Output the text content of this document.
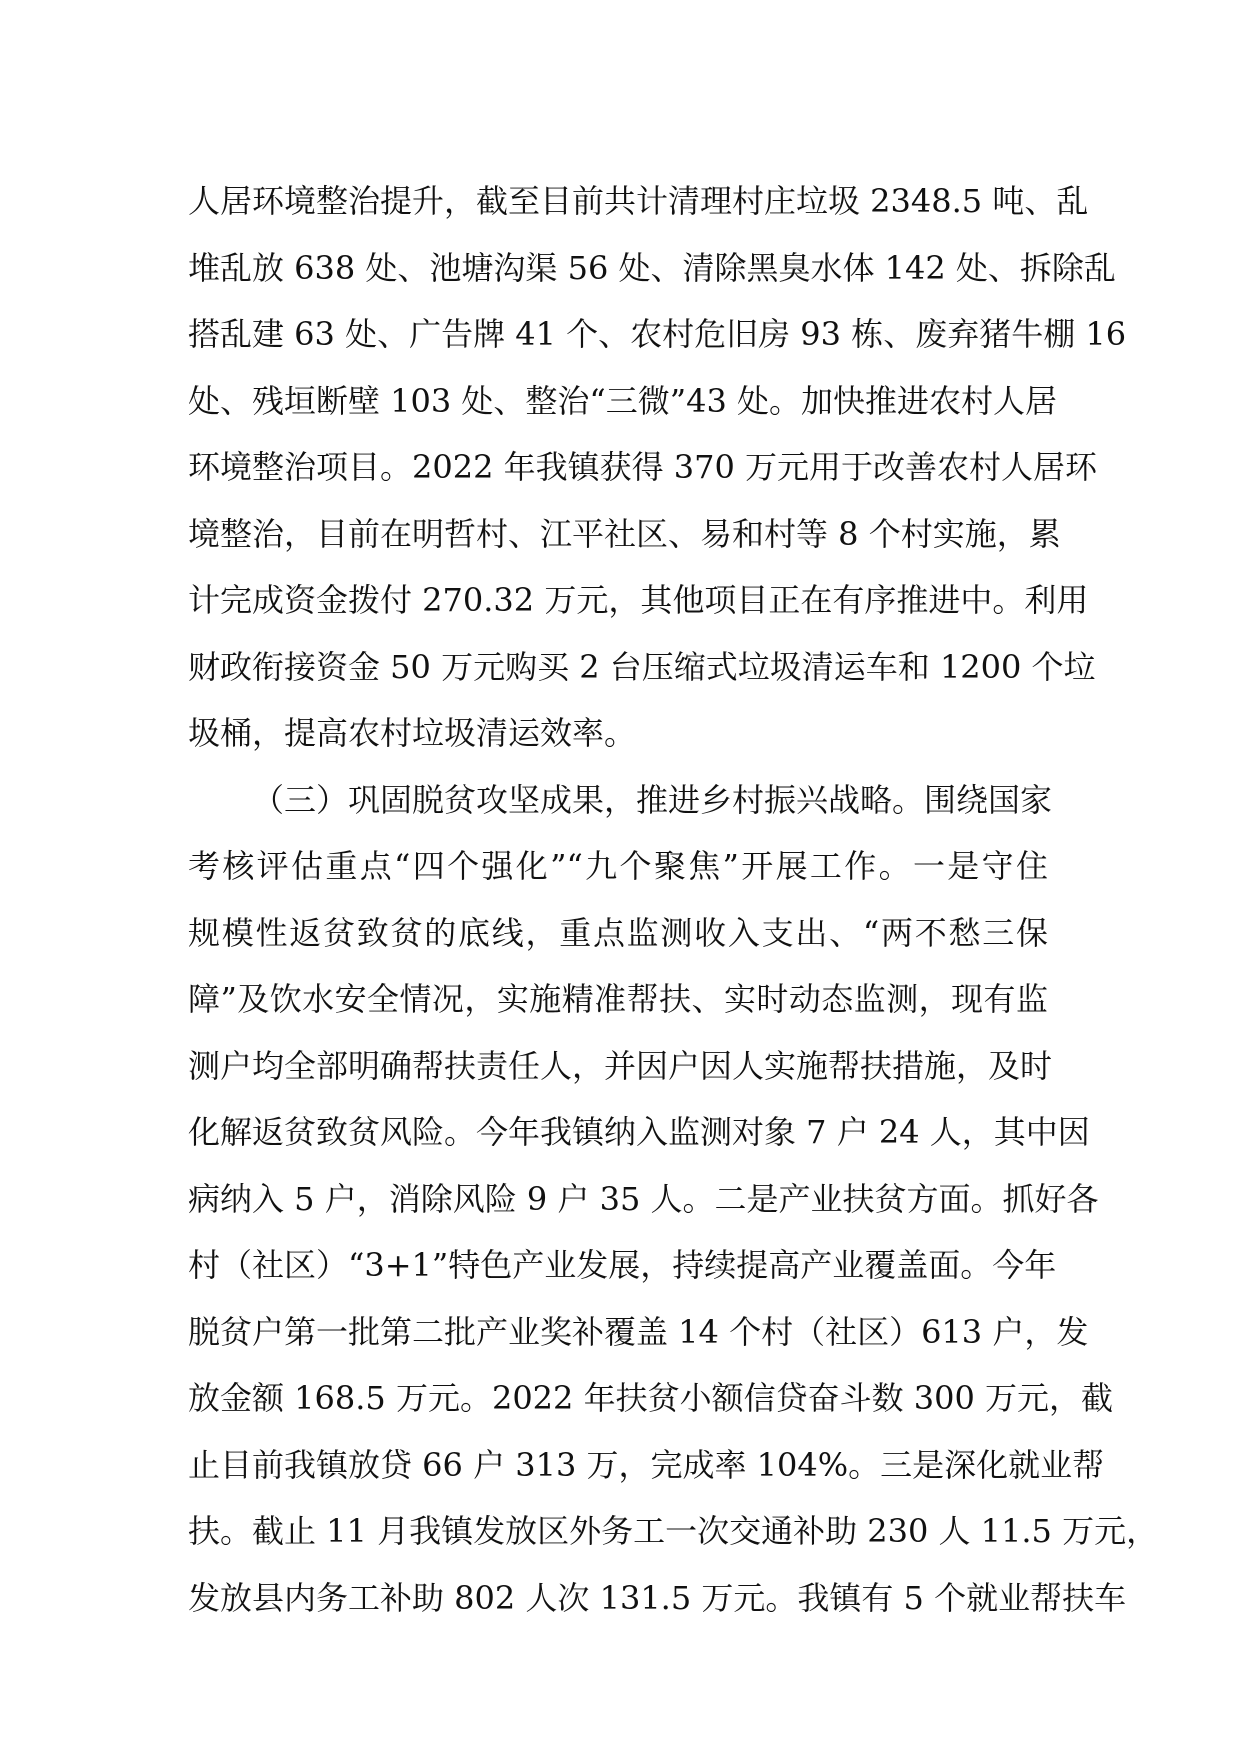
人居环境整治提升，截至目前共计清理村庄垃圾 2348.5 吨、乱
堆乱放 638 处、池塘沟渠 56 处、清除黑臭水体 142 处、拆除乱
搭乱建 63 处、广告牌 41 个、农村危旧房 93 栋、废弃猪牛棚 16
处、残垣断壁 103 处、整治“三微”43 处。加快推进农村人居
环境整治项目。2022 年我镇获得 370 万元用于改善农村人居环
境整治，目前在明哲村、江平社区、易和村等 8 个村实施，累
计完成资金拨付 270.32 万元，其他项目正在有序推进中。利用
财政衔接资金 50 万元购买 2 台压缩式垃圾清运车和 1200 个垃
圾桶，提高农村垃圾清运效率。
（三）巩固脱贫攻坚成果，推进乡村振兴战略。围绕国家
考核评估重点“四个强化”“九个聚焦”开展工作。一是守住
规模性返贫致贫的底线，重点监测收入支出、“两不愁三保
障”及饮水安全情况，实施精准帮扶、实时动态监测，现有监
测户均全部明确帮扶责任人，并因户因人实施帮扶措施，及时
化解返贫致贫风险。今年我镇纳入监测对象 7 户 24 人，其中因
病纳入 5 户，消除风险 9 户 35 人。二是产业扶贫方面。抓好各
村（社区）“3+1”特色产业发展，持续提高产业覆盖面。今年
脱贫户第一批第二批产业奖补覆盖 14 个村（社区）613 户，发
放金额 168.5 万元。2022 年扶贫小额信贷奋斗数 300 万元，截
止目前我镇放贷 66 户 313 万，完成率 104%。三是深化就业帮
扶。截止 11 月我镇发放区外务工一次交通补助 230 人 11.5 万元，
发放县内务工补助 802 人次 131.5 万元。我镇有 5 个就业帮扶车
